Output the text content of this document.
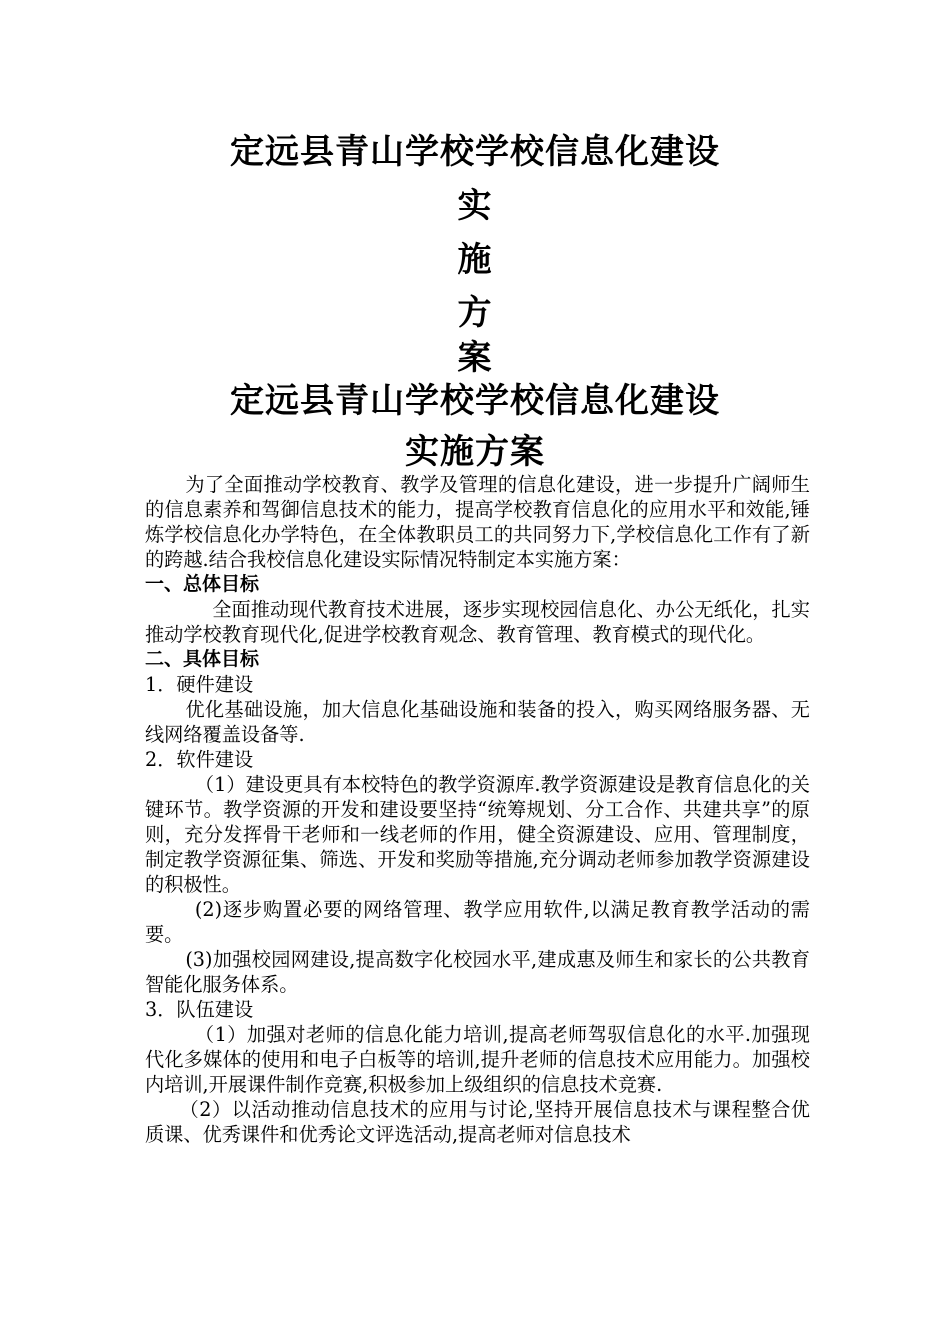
定远县青山学校学校信息化建设
实
施
方
案
定远县青山学校学校信息化建设
实施方案

为了全面推动学校教育、教学及管理的信息化建设，进一步提升广阔师生的信息素养和驾御信息技术的能力，提高学校教育信息化的应用水平和效能,锤炼学校信息化办学特色，在全体教职员工的共同努力下,学校信息化工作有了新的跨越.结合我校信息化建设实际情况特制定本实施方案：

一、总体目标

全面推动现代教育技术进展，逐步实现校园信息化、办公无纸化，扎实推动学校教育现代化,促进学校教育观念、教育管理、教育模式的现代化。

二、具体目标

1．硬件建设

优化基础设施，加大信息化基础设施和装备的投入，购买网络服务器、无线网络覆盖设备等.

2．软件建设

（1）建设更具有本校特色的教学资源库.教学资源建设是教育信息化的关键环节。教学资源的开发和建设要坚持“统筹规划、分工合作、共建共享”的原则，充分发挥骨干老师和一线老师的作用，健全资源建设、应用、管理制度，制定教学资源征集、筛选、开发和奖励等措施,充分调动老师参加教学资源建设的积极性。

(2)逐步购置必要的网络管理、教学应用软件,以满足教育教学活动的需要。

(3)加强校园网建设,提高数字化校园水平,建成惠及师生和家长的公共教育智能化服务体系。

3．队伍建设

（1）加强对老师的信息化能力培训,提高老师驾驭信息化的水平.加强现代化多媒体的使用和电子白板等的培训,提升老师的信息技术应用能力。加强校内培训,开展课件制作竞赛,积极参加上级组织的信息技术竞赛.

（2）以活动推动信息技术的应用与讨论,坚持开展信息技术与课程整合优质课、优秀课件和优秀论文评选活动,提高老师对信息技术
